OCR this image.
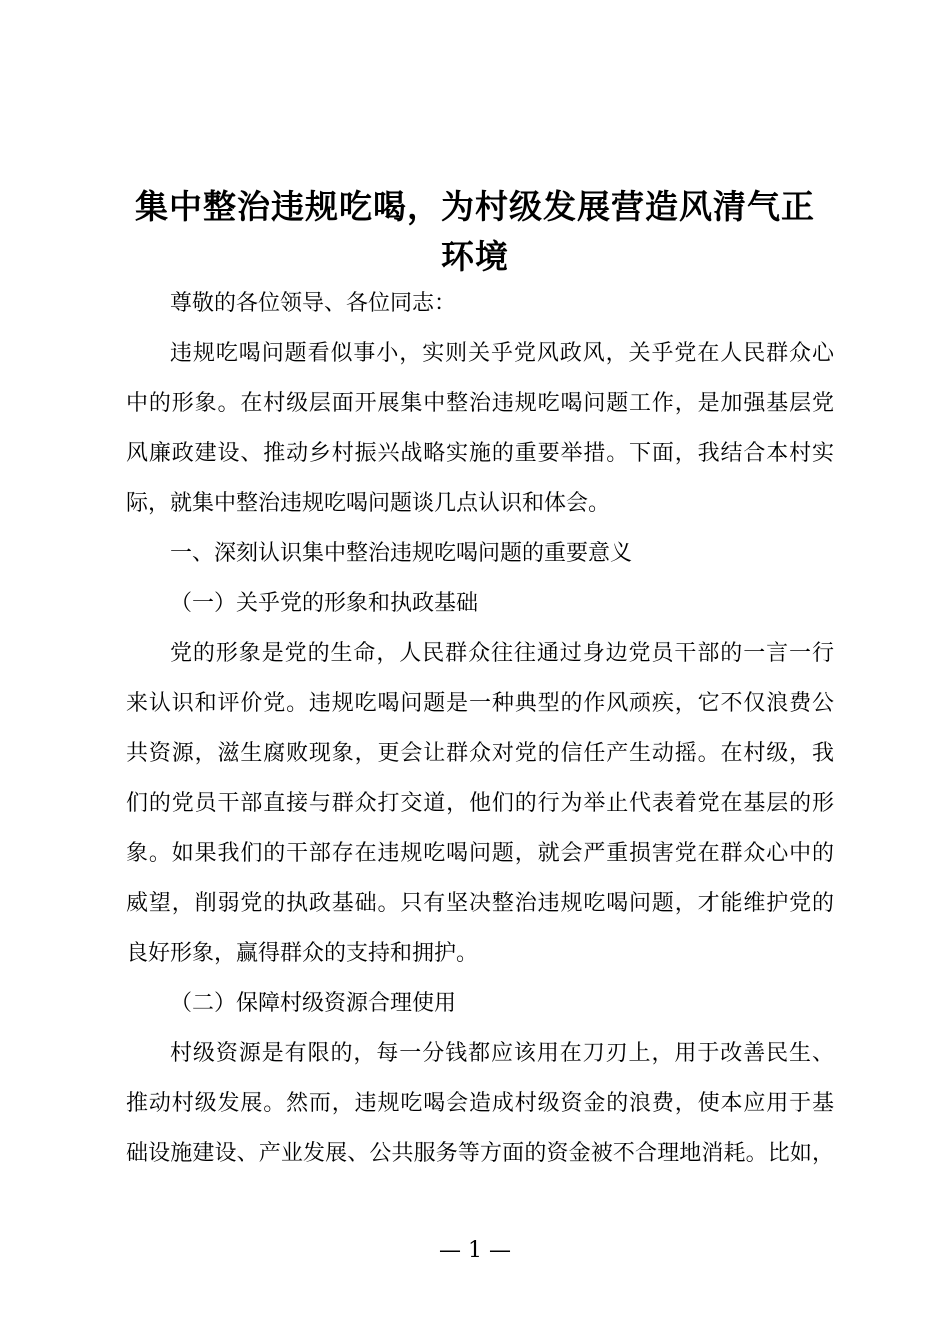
集中整治违规吃喝，为村级发展营造风清气正
环境
尊敬的各位领导、各位同志：
违规吃喝问题看似事小，实则关乎党风政风，关乎党在人民群众心
中的形象。在村级层面开展集中整治违规吃喝问题工作，是加强基层党
风廉政建设、推动乡村振兴战略实施的重要举措。下面，我结合本村实
际，就集中整治违规吃喝问题谈几点认识和体会。
一、深刻认识集中整治违规吃喝问题的重要意义
（一）关乎党的形象和执政基础
党的形象是党的生命，人民群众往往通过身边党员干部的一言一行
来认识和评价党。违规吃喝问题是一种典型的作风顽疾，它不仅浪费公
共资源，滋生腐败现象，更会让群众对党的信任产生动摇。在村级，我
们的党员干部直接与群众打交道，他们的行为举止代表着党在基层的形
象。如果我们的干部存在违规吃喝问题，就会严重损害党在群众心中的
威望，削弱党的执政基础。只有坚决整治违规吃喝问题，才能维护党的
良好形象，赢得群众的支持和拥护。
（二）保障村级资源合理使用
村级资源是有限的，每一分钱都应该用在刀刃上，用于改善民生、
推动村级发展。然而，违规吃喝会造成村级资金的浪费，使本应用于基
础设施建设、产业发展、公共服务等方面的资金被不合理地消耗。比如，
— 1 —
